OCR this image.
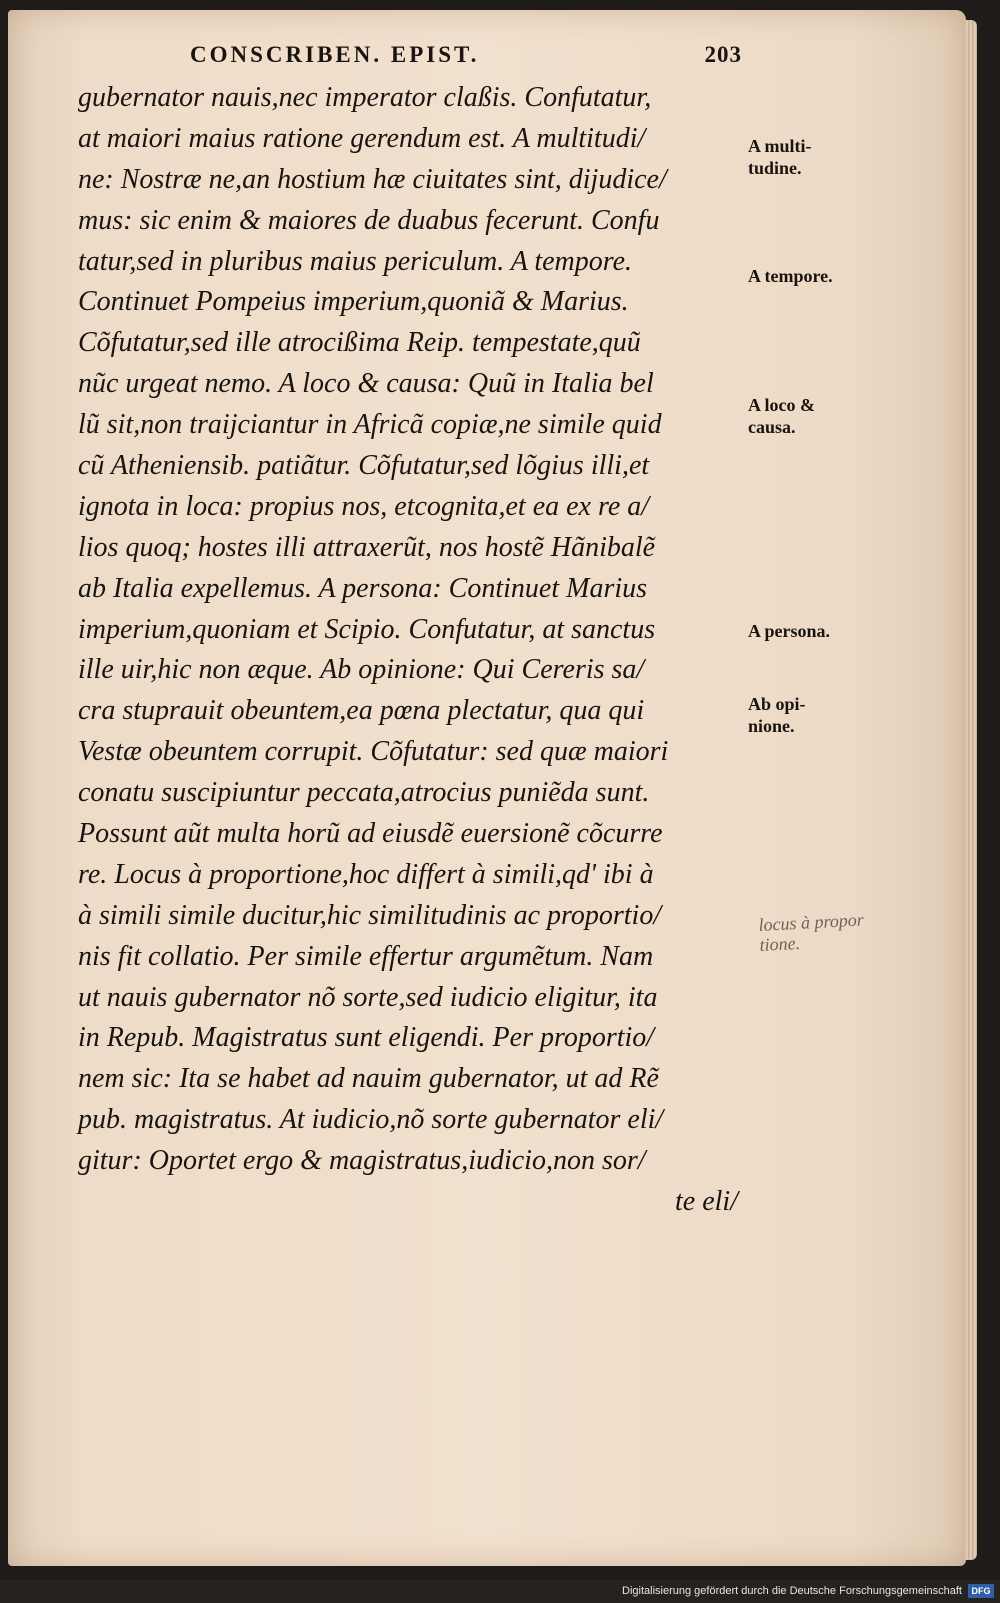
CONSCRIBEN. EPIST.	203
gubernator nauis,nec imperator claßis. Confutatur,
at maiori maius ratione gerendum est. A multitudi/
ne: Nostræ ne,an hostium hæ ciuitates sint, dijudice/
mus: sic enim & maiores de duabus fecerunt. Confu
tatur,sed in pluribus maius periculum. A tempore.
Continuet Pompeius imperium,quoniã & Marius.
Cõfutatur,sed ille atrocißima Reip. tempestate,quũ
nũc urgeat nemo. A loco & causa: Quũ in Italia bel
lũ sit,non traijciantur in Africã copiæ,ne simile quid
cũ Atheniensib. patiãtur. Cõfutatur,sed lõgius illi,et
ignota in loca: propius nos, etcognita,et ea ex re a/
lios quoq; hostes illi attraxerũt, nos hostẽ Hãnibalẽ
ab Italia expellemus. A persona: Continuet Marius
imperium,quoniam et Scipio. Confutatur, at sanctus
ille uir,hic non æque. Ab opinione: Qui Cereris sa/
cra stuprauit obeuntem,ea pœna plectatur, qua qui
Vestæ obeuntem corrupit. Cõfutatur: sed quæ maiori
conatu suscipiuntur peccata,atrocius puniẽda sunt.
Possunt aũt multa horũ ad eiusdẽ euersionẽ cõcurre
re. Locus à proportione,hoc differt à simili,qd' ibi à
à simili simile ducitur,hic similitudinis ac proportio/
nis fit collatio. Per simile effertur argumẽtum. Nam
ut nauis gubernator nõ sorte,sed iudicio eligitur, ita
in Repub. Magistratus sunt eligendi. Per proportio/
nem sic: Ita se habet ad nauim gubernator, ut ad Rẽ
pub. magistratus. At iudicio,nõ sorte gubernator eli/
gitur: Oportet ergo & magistratus,iudicio,non sor/
te eli/
A multi-
tudine.
A tempore.
A loco &
causa.
A persona.
Ab opi-
nione.
locus à propor
tione.
Digitalisierung gefördert durch die Deutsche Forschungsgemeinschaft	DFG
